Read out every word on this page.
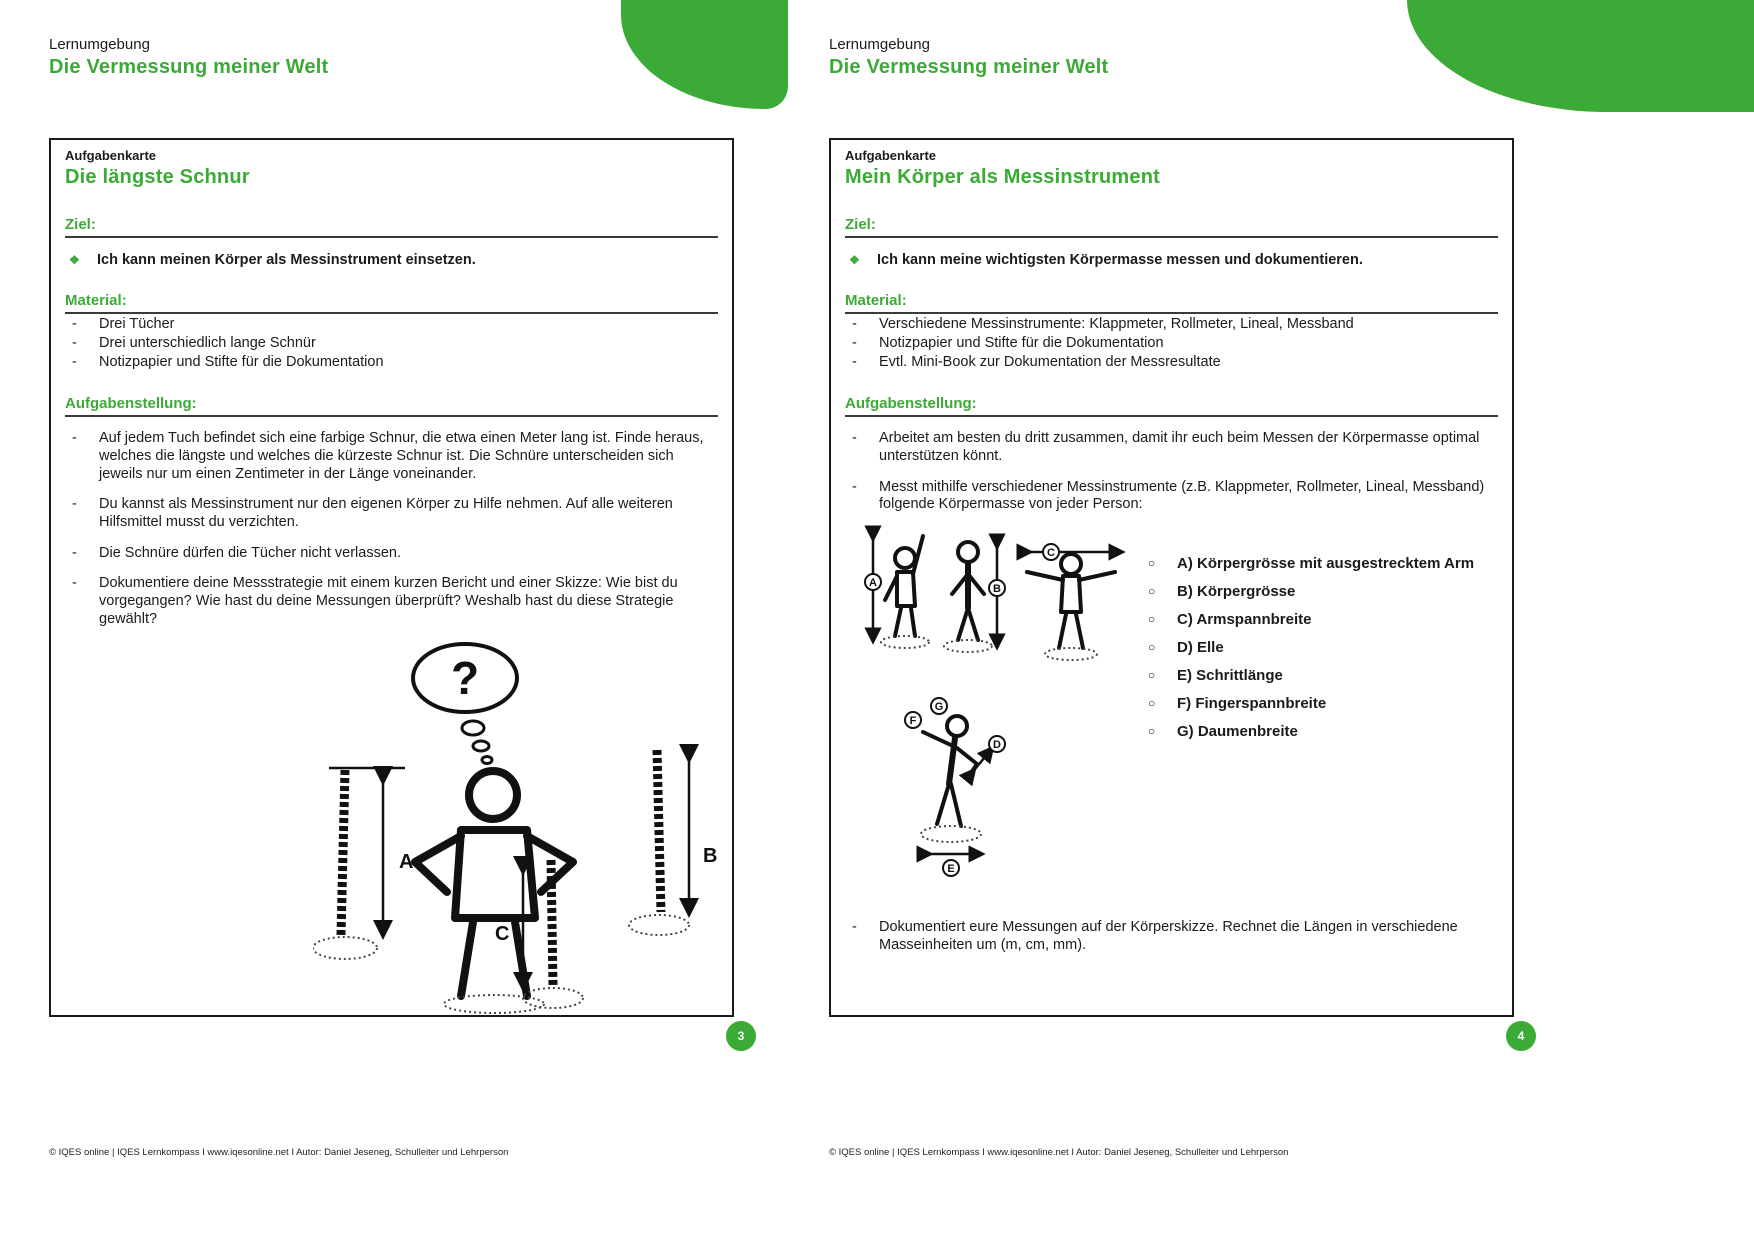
Lernumgebung
Die Vermessung meiner Welt
Aufgabenkarte
Die längste Schnur
Ziel:
❖ Ich kann meinen Körper als Messinstrument einsetzen.
Material:
- Drei Tücher
- Drei unterschiedlich lange Schnür
- Notizpapier und Stifte für die Dokumentation
Aufgabenstellung:
- Auf jedem Tuch befindet sich eine farbige Schnur, die etwa einen Meter lang ist. Finde heraus, welches die längste und welches die kürzeste Schnur ist. Die Schnüre unterscheiden sich jeweils nur um einen Zentimeter in der Länge voneinander.
- Du kannst als Messinstrument nur den eigenen Körper zu Hilfe nehmen. Auf alle weiteren Hilfsmittel musst du verzichten.
- Die Schnüre dürfen die Tücher nicht verlassen.
- Dokumentiere deine Messstrategie mit einem kurzen Bericht und einer Skizze: Wie bist du vorgegangen? Wie hast du deine Messungen überprüft? Weshalb hast du diese Strategie gewählt?
?
A	B
C
© IQES online | IQES Lernkompass I www.iqesonline.net I Autor: Daniel Jeseneg, Schulleiter und Lehrperson
3
Lernumgebung
Die Vermessung meiner Welt
Aufgabenkarte
Mein Körper als Messinstrument
Ziel:
❖ Ich kann meine wichtigsten Körpermasse messen und dokumentieren.
Material:
- Verschiedene Messinstrumente: Klappmeter, Rollmeter, Lineal, Messband
- Notizpapier und Stifte für die Dokumentation
- Evtl. Mini-Book zur Dokumentation der Messresultate
Aufgabenstellung:
- Arbeitet am besten du dritt zusammen, damit ihr euch beim Messen der Körpermasse optimal unterstützen könnt.
- Messt mithilfe verschiedener Messinstrumente (z.B. Klappmeter, Rollmeter, Lineal, Messband) folgende Körpermasse von jeder Person:
A	B
C
F
G
D
E
○ A) Körpergrösse mit ausgestrecktem Arm
○ B) Körpergrösse
○ C) Armspannbreite
○ D) Elle
○ E) Schrittlänge
○ F) Fingerspannbreite
○ G) Daumenbreite
- Dokumentiert eure Messungen auf der Körperskizze. Rechnet die Längen in verschiedene Masseinheiten um (m, cm, mm).
© IQES online | IQES Lernkompass I www.iqesonline.net I Autor: Daniel Jeseneg, Schulleiter und Lehrperson
4
